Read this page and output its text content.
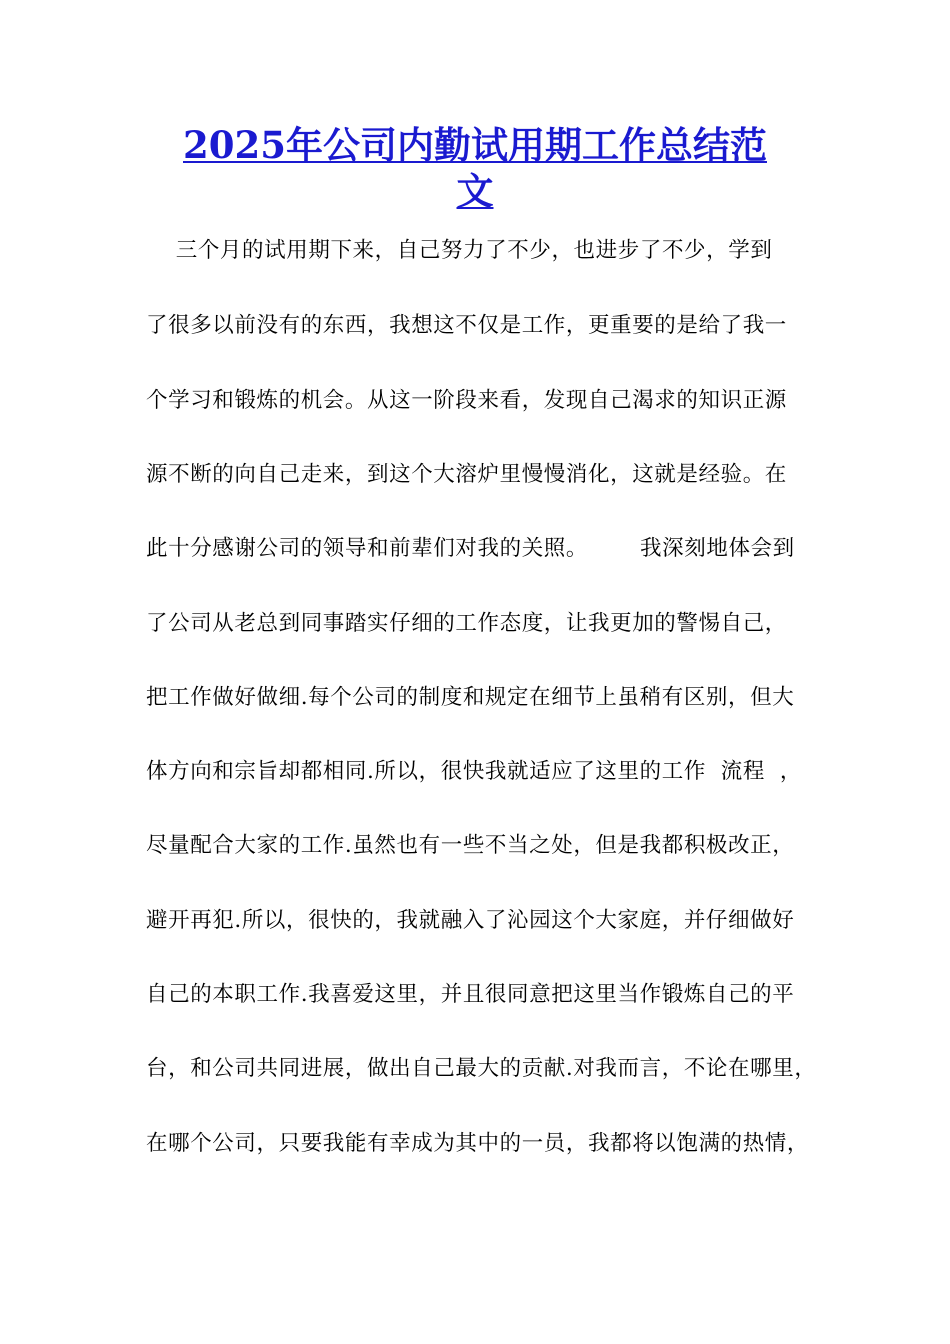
2025年公司内勤试用期工作总结范
文
三个月的试用期下来，自己努力了不少，也进步了不少，学到
了很多以前没有的东西，我想这不仅是工作，更重要的是给了我一
个学习和锻炼的机会。从这一阶段来看，发现自己渴求的知识正源
源不断的向自己走来，到这个大溶炉里慢慢消化，这就是经验。在
此十分感谢公司的领导和前辈们对我的关照。       我深刻地体会到
了公司从老总到同事踏实仔细的工作态度，让我更加的警惕自己，
把工作做好做细.每个公司的制度和规定在细节上虽稍有区别，但大
体方向和宗旨却都相同.所以，很快我就适应了这里的工作  流程  ，
尽量配合大家的工作.虽然也有一些不当之处，但是我都积极改正，
避开再犯.所以，很快的，我就融入了沁园这个大家庭，并仔细做好
自己的本职工作.我喜爱这里，并且很同意把这里当作锻炼自己的平
台，和公司共同进展，做出自己最大的贡献.对我而言，不论在哪里，
在哪个公司，只要我能有幸成为其中的一员，我都将以饱满的热情，
